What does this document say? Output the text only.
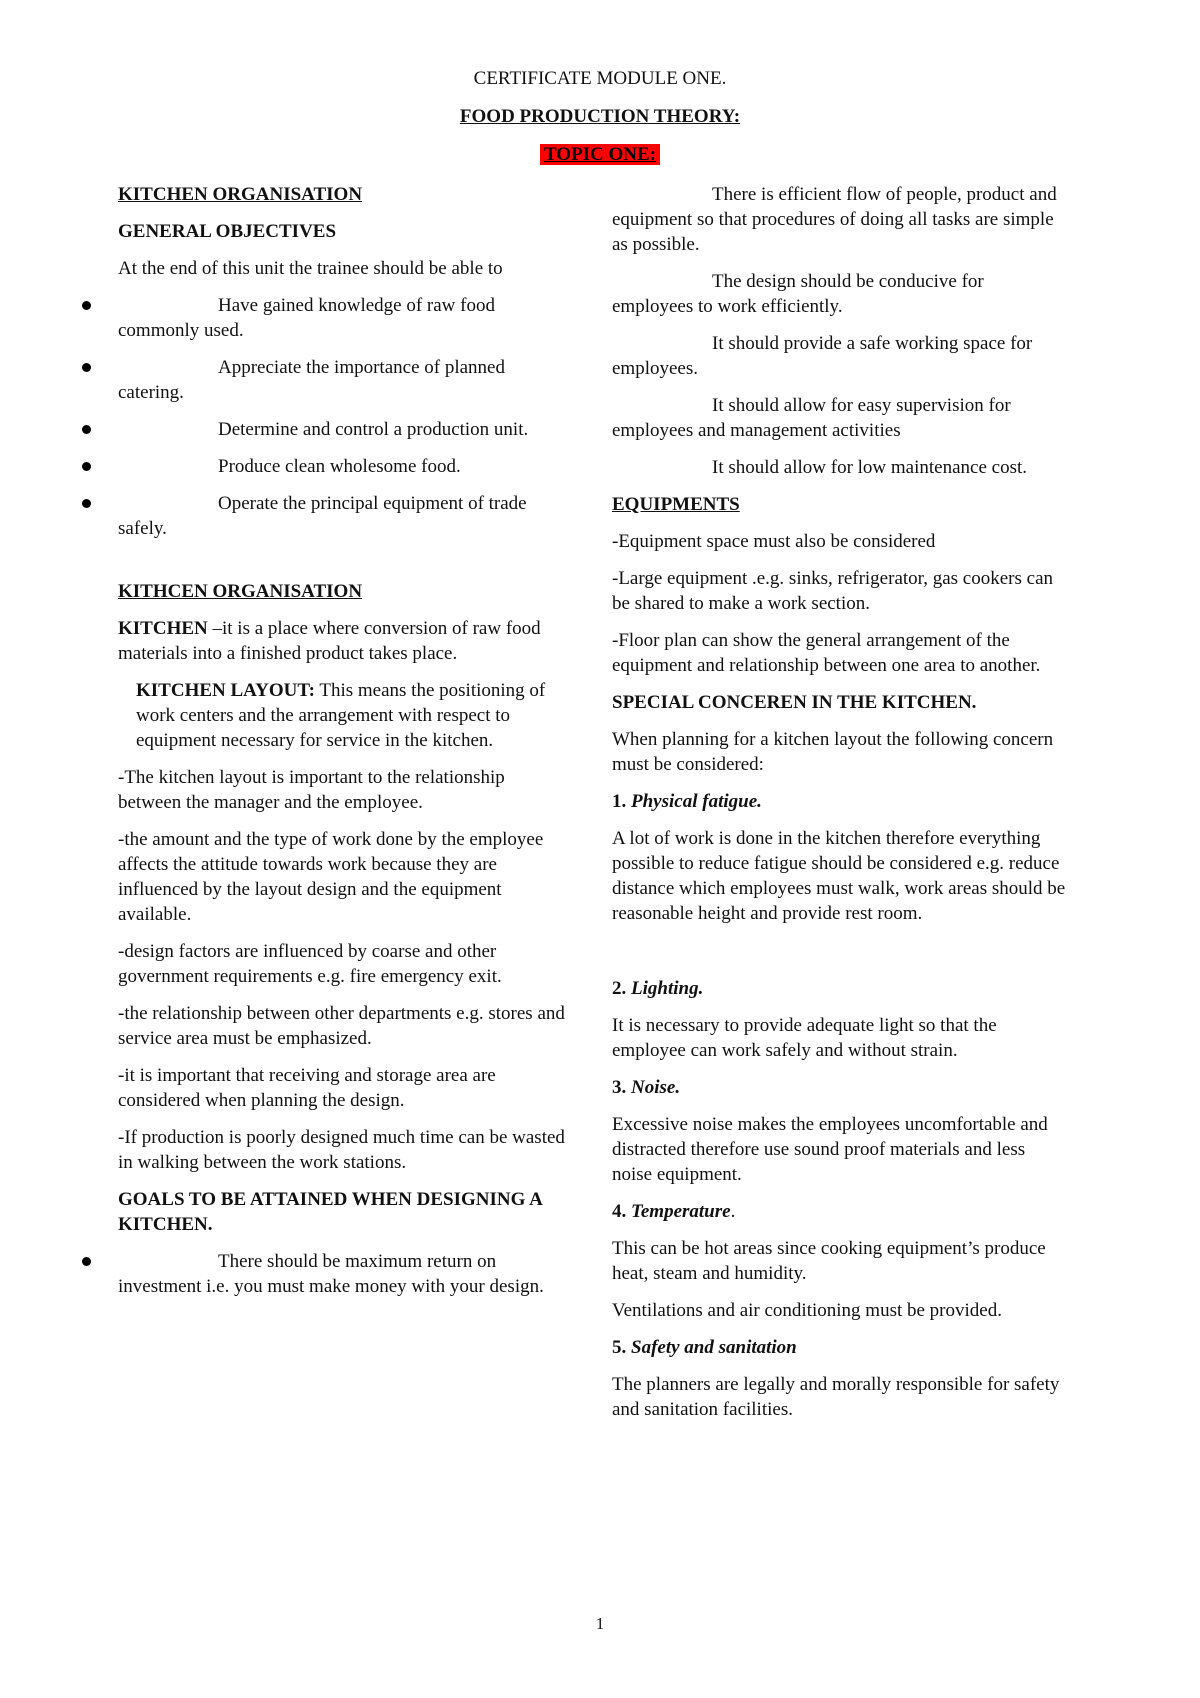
CERTIFICATE MODULE ONE.
FOOD PRODUCTION THEORY:
TOPIC ONE:

KITCHEN ORGANISATION

GENERAL OBJECTIVES

At the end of this unit the trainee should be able to

Have gained knowledge of raw food commonly used.

Appreciate the importance of planned catering.

Determine and control a production unit.

Produce clean wholesome food.

Operate the principal equipment of trade safely.

KITHCEN ORGANISATION

KITCHEN –it is a place where conversion of raw food materials into a finished product takes place.

KITCHEN LAYOUT: This means the positioning of work centers and the arrangement with respect to equipment necessary for service in the kitchen.

-The kitchen layout is important to the relationship between the manager and the employee.

-the amount and the type of work done by the employee affects the attitude towards work because they are influenced by the layout design and the equipment available.

-design factors are influenced by coarse and other government requirements e.g. fire emergency exit.

-the relationship between other departments e.g. stores and service area must be emphasized.

-it is important that receiving and storage area are considered when planning the design.

-If production is poorly designed much time can be wasted in walking between the work stations.

GOALS TO BE ATTAINED WHEN DESIGNING A KITCHEN.

There should be maximum return on investment i.e. you must make money with your design.

There is efficient flow of people, product and equipment so that procedures of doing all tasks are simple as possible.

The design should be conducive for employees to work efficiently.

It should provide a safe working space for employees.

It should allow for easy supervision for employees and management activities

It should allow for low maintenance cost.

EQUIPMENTS

-Equipment space must also be considered

-Large equipment .e.g. sinks, refrigerator, gas cookers can be shared to make a work section.

-Floor plan can show the general arrangement of the equipment and relationship between one area to another.

SPECIAL CONCEREN IN THE KITCHEN.

When planning for a kitchen layout the following concern must be considered:

1. Physical fatigue.

A lot of work is done in the kitchen therefore everything possible to reduce fatigue should be considered e.g. reduce distance which employees must walk, work areas should be reasonable height and provide rest room.

2. Lighting.

It is necessary to provide adequate light so that the employee can work safely and without strain.

3. Noise.

Excessive noise makes the employees uncomfortable and distracted therefore use sound proof materials and less noise equipment.

4. Temperature.

This can be hot areas since cooking equipment’s produce heat, steam and humidity.

Ventilations and air conditioning must be provided.

5. Safety and sanitation

The planners are legally and morally responsible for safety and sanitation facilities.

1
